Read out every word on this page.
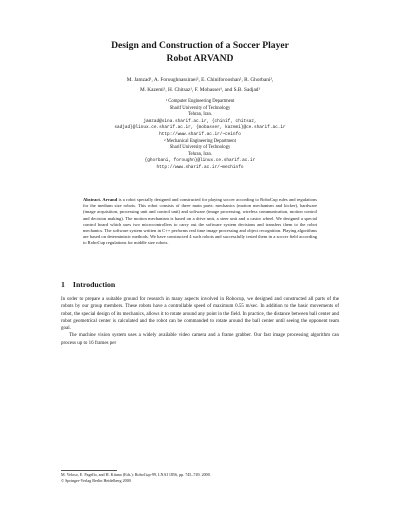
Design and Construction of a Soccer Player
Robot ARVAND
M. Jamzad¹, A. Foroughnassiraei², E. Chiniforooshan¹, R. Ghorbani²,
M. Kazemi¹, H. Chitsaz¹, F. Mobasser¹, and S.B. Sadjad¹
¹ Computer Engineering Department
Sharif University of Technology
Tehran, Iran.
jamzad@sina.sharif.ac.ir, {chinif, chitsaz,
sadjad}@linux.ce.sharif.ac.ir, {mobasser, kazemi}@ce.sharif.ac.ir
http://www.sharif.ac.ir/~ceinfo
² Mechanical Engineering Department
Sharif University of Technology
Tehran, Iran.
{ghorbani, foroughn}@linux.ce.sharif.ac.ir
http://www.sharif.ac.ir/~mechinfo
Abstract. Arvand is a robot specially designed and constructed for playing soccer according to RoboCup rules and regulations for the medium size robots. This robot consists of three main parts: mechanics (motion mechanism and kicker), hardware (image acquisition, processing unit and control unit) and software (image processing, wireless communication, motion control and decision making). The motion mechanism is based on a drive unit, a steer unit and a castor wheel. We designed a special control board which uses two microcontrollers to carry out the software system decisions and transfers them to the robot mechanics. The software system written in C++ performs real time image processing and object recognition. Playing algorithms are based on deterministic methods. We have constructed 4 such robots and successfully tested them in a soccer field according to RoboCup regulations for middle size robots.
1 Introduction

In order to prepare a suitable ground for research in many aspects involved in Robocup, we designed and constructed all parts of the robots by our group members. These robots have a controllable speed of maximum 0.55 m/sec. In addition to the basic movements of robot, the special design of its mechanics, allows it to rotate around any point in the field. In practice, the distance between ball center and robot geometrical center is calculated and the robot can be commanded to rotate around the ball center until seeing the opponent team goal.

The machine vision system uses a widely available video camera and a frame grabber. Our fast image processing algorithm can process up to 16 frames per

M. Veloso, E. Pagello, and H. Kitano (Eds.): RoboCup-99, LNAI 1856, pp. 745–749, 2000.
© Springer-Verlag Berlin Heidelberg 2000
